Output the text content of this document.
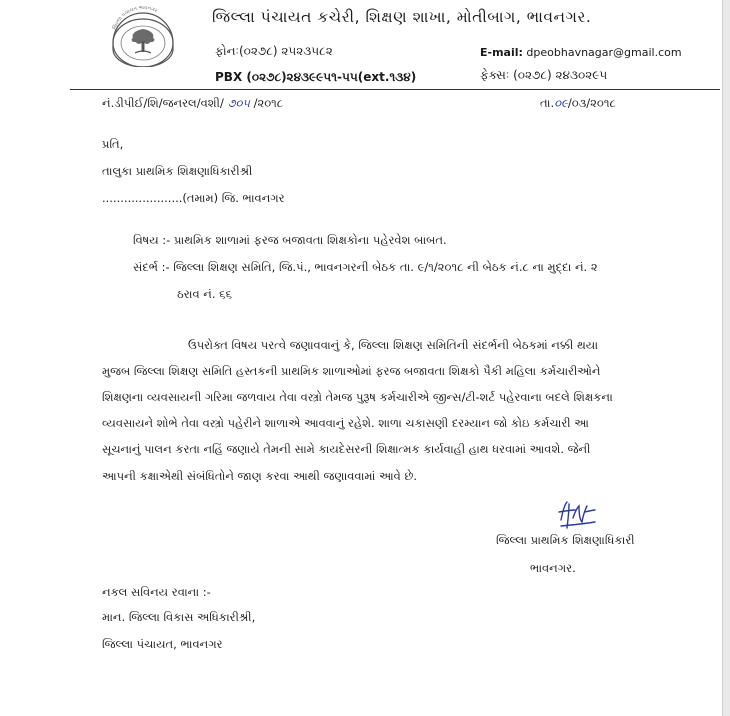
જિલ્લા પંચાયત ભાવનગર	જિલ્લા પંચાયત કચેરી, શિક્ષણ શાખા, મોતીબાગ, ભાવનગર.
ફોનઃ(૦૨૭૮) ૨૫૨૩૫૮૨
PBX (૦૨૭૮)૨૪૩૯૯૫૧-૫૫(ext.૧૩૪)
E-mail: dpeobhavnagar@gmail.com
ફેક્સઃ (૦૨૭૮) ૨૪૩૦૨૯૫
નં.ડીપીઈ/શિ/જનરલ/વશી/ ૭૦૫ /૨૦૧૮	તા.૦૯/૦૩/૨૦૧૮
પ્રતિ,
તાલુકા પ્રાથમિક શિક્ષણાધિકારીશ્રી
......................(તમામ) જિ. ભાવનગર
વિષય :- પ્રાથમિક શાળામાં ફરજ બજાવતા શિક્ષકોના પહેરવેશ બાબત.
સંદર્ભ :- જિલ્લા શિક્ષણ સમિતિ, જિ.પં., ભાવનગરની બેઠક તા. ૯/૧/૨૦૧૮ ની બેઠક નં.૮ ના મુદ્દા નં. ૨
ઠરાવ નં. ૬૬
ઉપરોક્ત વિષય પરત્વે જણાવવાનું કે, જિલ્લા શિક્ષણ સમિતિની સંદર્ભની બેઠકમાં નક્કી થયા
મુજબ જિલ્લા શિક્ષણ સમિતિ હસ્તકની પ્રાથમિક શાળાઓમાં ફરજ બજાવતા શિક્ષકો પૈકી મહિલા કર્મચારીઓને
શિક્ષણના વ્યવસાયની ગરિમા જળવાય તેવા વસ્ત્રો તેમજ પુરૂષ કર્મચારીએ જીન્સ/ટી-શર્ટ પહેરવાના બદલે શિક્ષકના
વ્યવસાયને શોભે તેવા વસ્ત્રો પહેરીને શાળાએ આવવાનું રહેશે. શાળા ચકાસણી દરમ્યાન જો કોઇ કર્મચારી આ
સૂચનાનું પાલન કરતા નહિં જણાયે તેમની સામે કાયદેસરની શિક્ષાત્મક કાર્યવાહી હાથ ધરવામાં આવશે. જેની
આપની કક્ષાએથી સંબંધિતોને જાણ કરવા આથી જણાવવામાં આવે છે.
જિલ્લા પ્રાથમિક શિક્ષણાધિકારી
ભાવનગર.
નકલ સવિનય રવાના :-
માન. જિલ્લા વિકાસ અધિકારીશ્રી,
જિલ્લા પંચાયત, ભાવનગર
